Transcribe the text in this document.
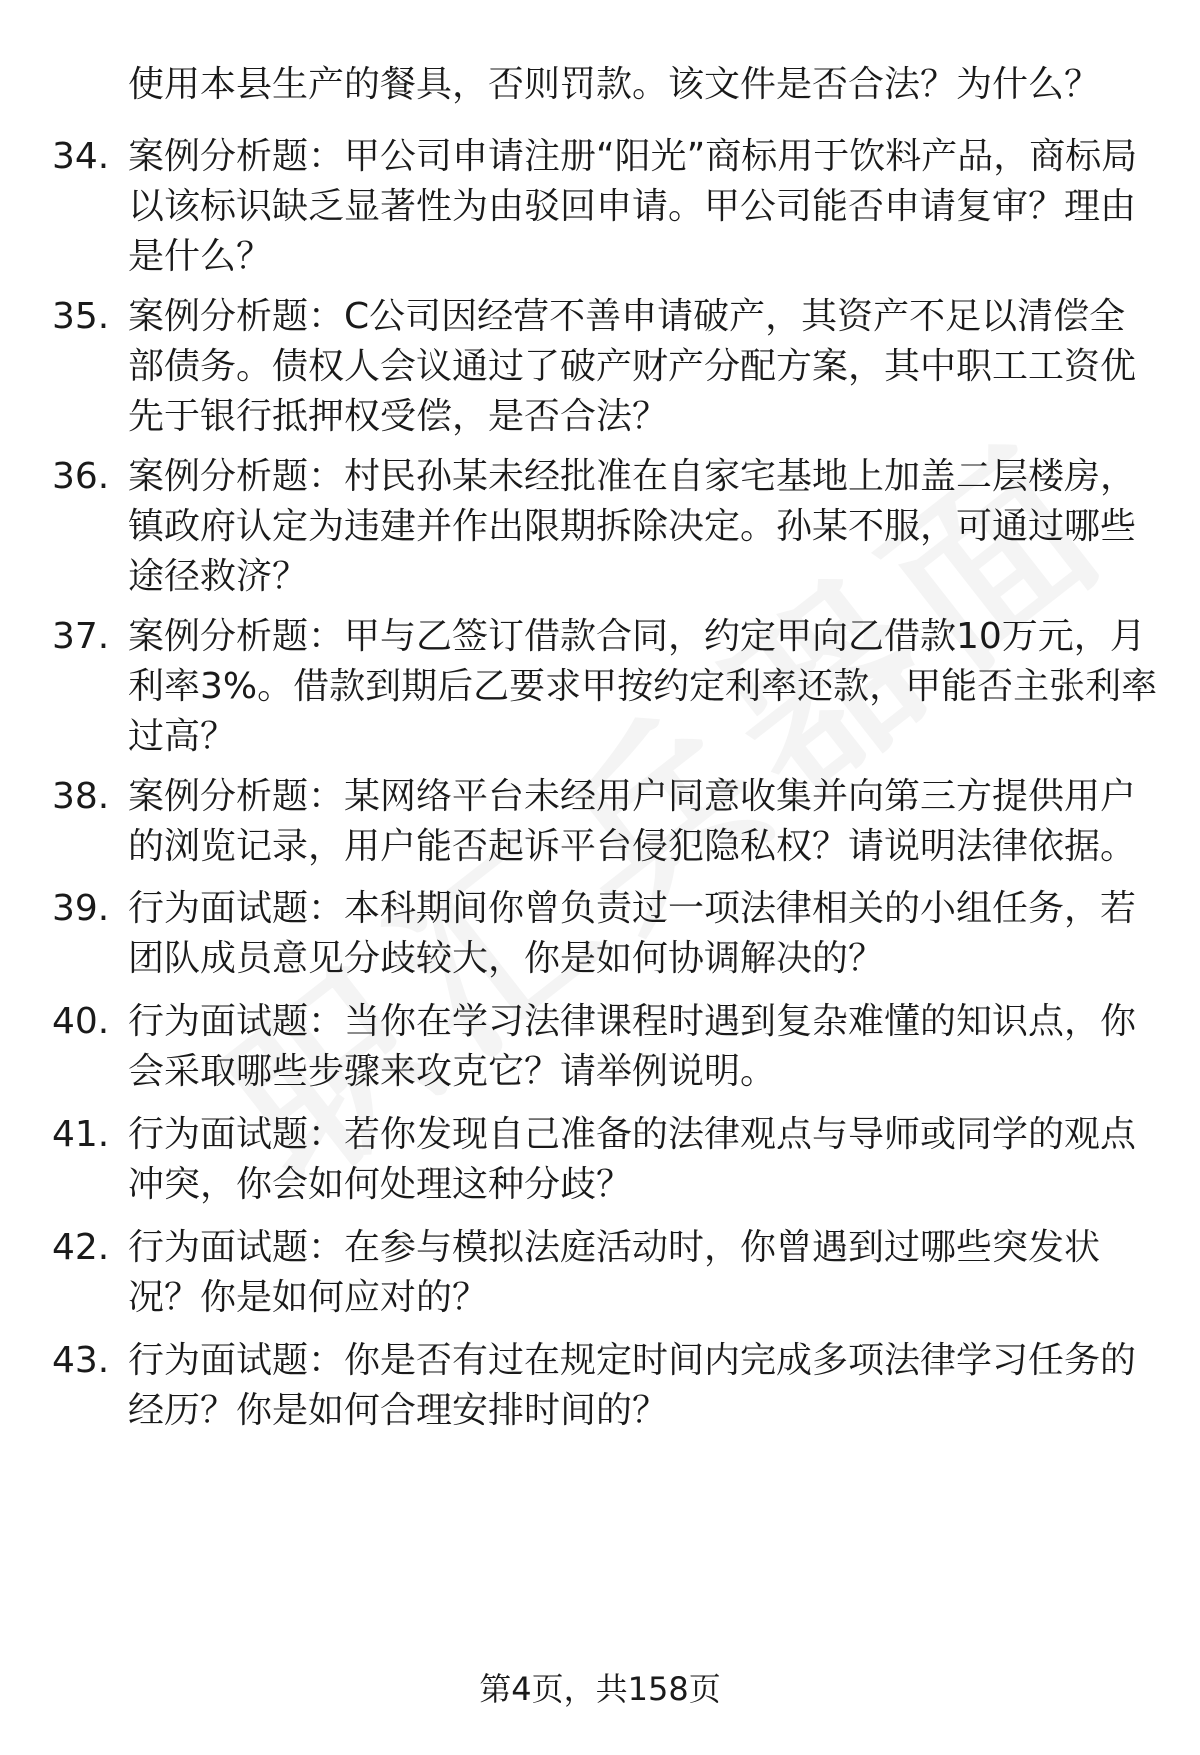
使用本县生产的餐具，否则罚款。该文件是否合法？为什么？
34. 案例分析题：甲公司申请注册“阳光”商标用于饮料产品，商标局以该标识缺乏显著性为由驳回申请。甲公司能否申请复审？理由是什么？
35. 案例分析题：C公司因经营不善申请破产，其资产不足以清偿全部债务。债权人会议通过了破产财产分配方案，其中职工工资优先于银行抵押权受偿，是否合法？
36. 案例分析题：村民孙某未经批准在自家宅基地上加盖二层楼房，镇政府认定为违建并作出限期拆除决定。孙某不服，可通过哪些途径救济？
37. 案例分析题：甲与乙签订借款合同，约定甲向乙借款10万元，月利率3%。借款到期后乙要求甲按约定利率还款，甲能否主张利率过高？
38. 案例分析题：某网络平台未经用户同意收集并向第三方提供用户的浏览记录，用户能否起诉平台侵犯隐私权？请说明法律依据。
39. 行为面试题：本科期间你曾负责过一项法律相关的小组任务，若团队成员意见分歧较大，你是如何协调解决的？
40. 行为面试题：当你在学习法律课程时遇到复杂难懂的知识点，你会采取哪些步骤来攻克它？请举例说明。
41. 行为面试题：若你发现自己准备的法律观点与导师或同学的观点冲突，你会如何处理这种分歧？
42. 行为面试题：在参与模拟法庭活动时，你曾遇到过哪些突发状况？你是如何应对的？
43. 行为面试题：你是否有过在规定时间内完成多项法律学习任务的经历？你是如何合理安排时间的？
第4页，共158页
